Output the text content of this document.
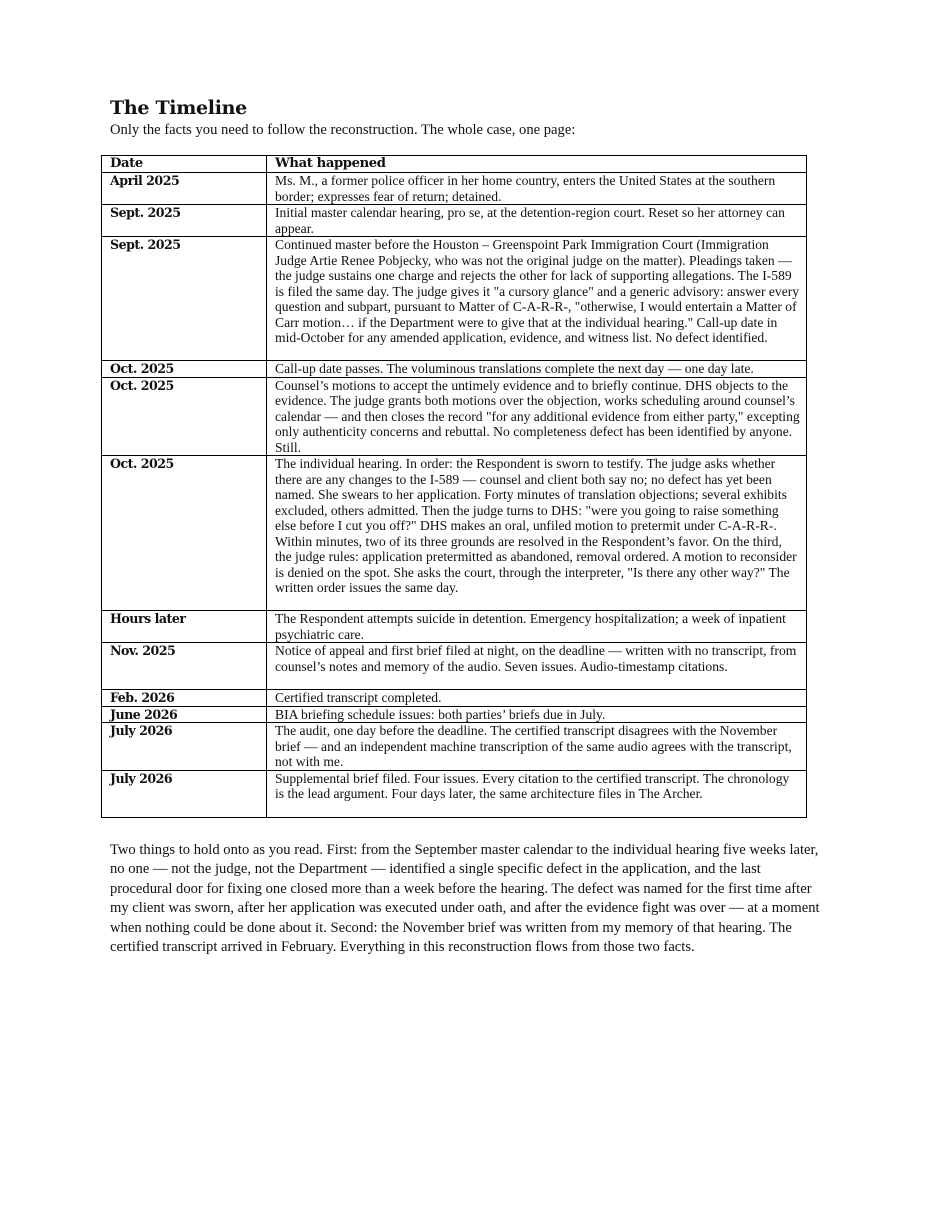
The Timeline

Only the facts you need to follow the reconstruction. The whole case, one page:

Date	What happened
April 2025	Ms. M., a former police officer in her home country, enters the United States at the southern border; expresses fear of return; detained.
Sept. 2025	Initial master calendar hearing, pro se, at the detention-region court. Reset so her attorney can appear.
Sept. 2025	Continued master before the Houston – Greenspoint Park Immigration Court (Immigration Judge Artie Renee Pobjecky, who was not the original judge on the matter). Pleadings taken — the judge sustains one charge and rejects the other for lack of supporting allegations. The I-589 is filed the same day. The judge gives it "a cursory glance" and a generic advisory: answer every question and subpart, pursuant to Matter of C-A-R-R-, "otherwise, I would entertain a Matter of Carr motion… if the Department were to give that at the individual hearing." Call-up date in mid-October for any amended application, evidence, and witness list. No defect identified.
Oct. 2025	Call-up date passes. The voluminous translations complete the next day — one day late.
Oct. 2025	Counsel’s motions to accept the untimely evidence and to briefly continue. DHS objects to the evidence. The judge grants both motions over the objection, works scheduling around counsel’s calendar — and then closes the record "for any additional evidence from either party," excepting only authenticity concerns and rebuttal. No completeness defect has been identified by anyone. Still.
Oct. 2025	The individual hearing. In order: the Respondent is sworn to testify. The judge asks whether there are any changes to the I-589 — counsel and client both say no; no defect has yet been named. She swears to her application. Forty minutes of translation objections; several exhibits excluded, others admitted. Then the judge turns to DHS: "were you going to raise something else before I cut you off?" DHS makes an oral, unfiled motion to pretermit under C-A-R-R-. Within minutes, two of its three grounds are resolved in the Respondent’s favor. On the third, the judge rules: application pretermitted as abandoned, removal ordered. A motion to reconsider is denied on the spot. She asks the court, through the interpreter, "Is there any other way?" The written order issues the same day.
Hours later	The Respondent attempts suicide in detention. Emergency hospitalization; a week of inpatient psychiatric care.
Nov. 2025	Notice of appeal and first brief filed at night, on the deadline — written with no transcript, from counsel’s notes and memory of the audio. Seven issues. Audio-timestamp citations.
Feb. 2026	Certified transcript completed.
June 2026	BIA briefing schedule issues: both parties’ briefs due in July.
July 2026	The audit, one day before the deadline. The certified transcript disagrees with the November brief — and an independent machine transcription of the same audio agrees with the transcript, not with me.
July 2026	Supplemental brief filed. Four issues. Every citation to the certified transcript. The chronology is the lead argument. Four days later, the same architecture files in The Archer.

Two things to hold onto as you read. First: from the September master calendar to the individual hearing five weeks later, no one — not the judge, not the Department — identified a single specific defect in the application, and the last procedural door for fixing one closed more than a week before the hearing. The defect was named for the first time after my client was sworn, after her application was executed under oath, and after the evidence fight was over — at a moment when nothing could be done about it. Second: the November brief was written from my memory of that hearing. The certified transcript arrived in February. Everything in this reconstruction flows from those two facts.
